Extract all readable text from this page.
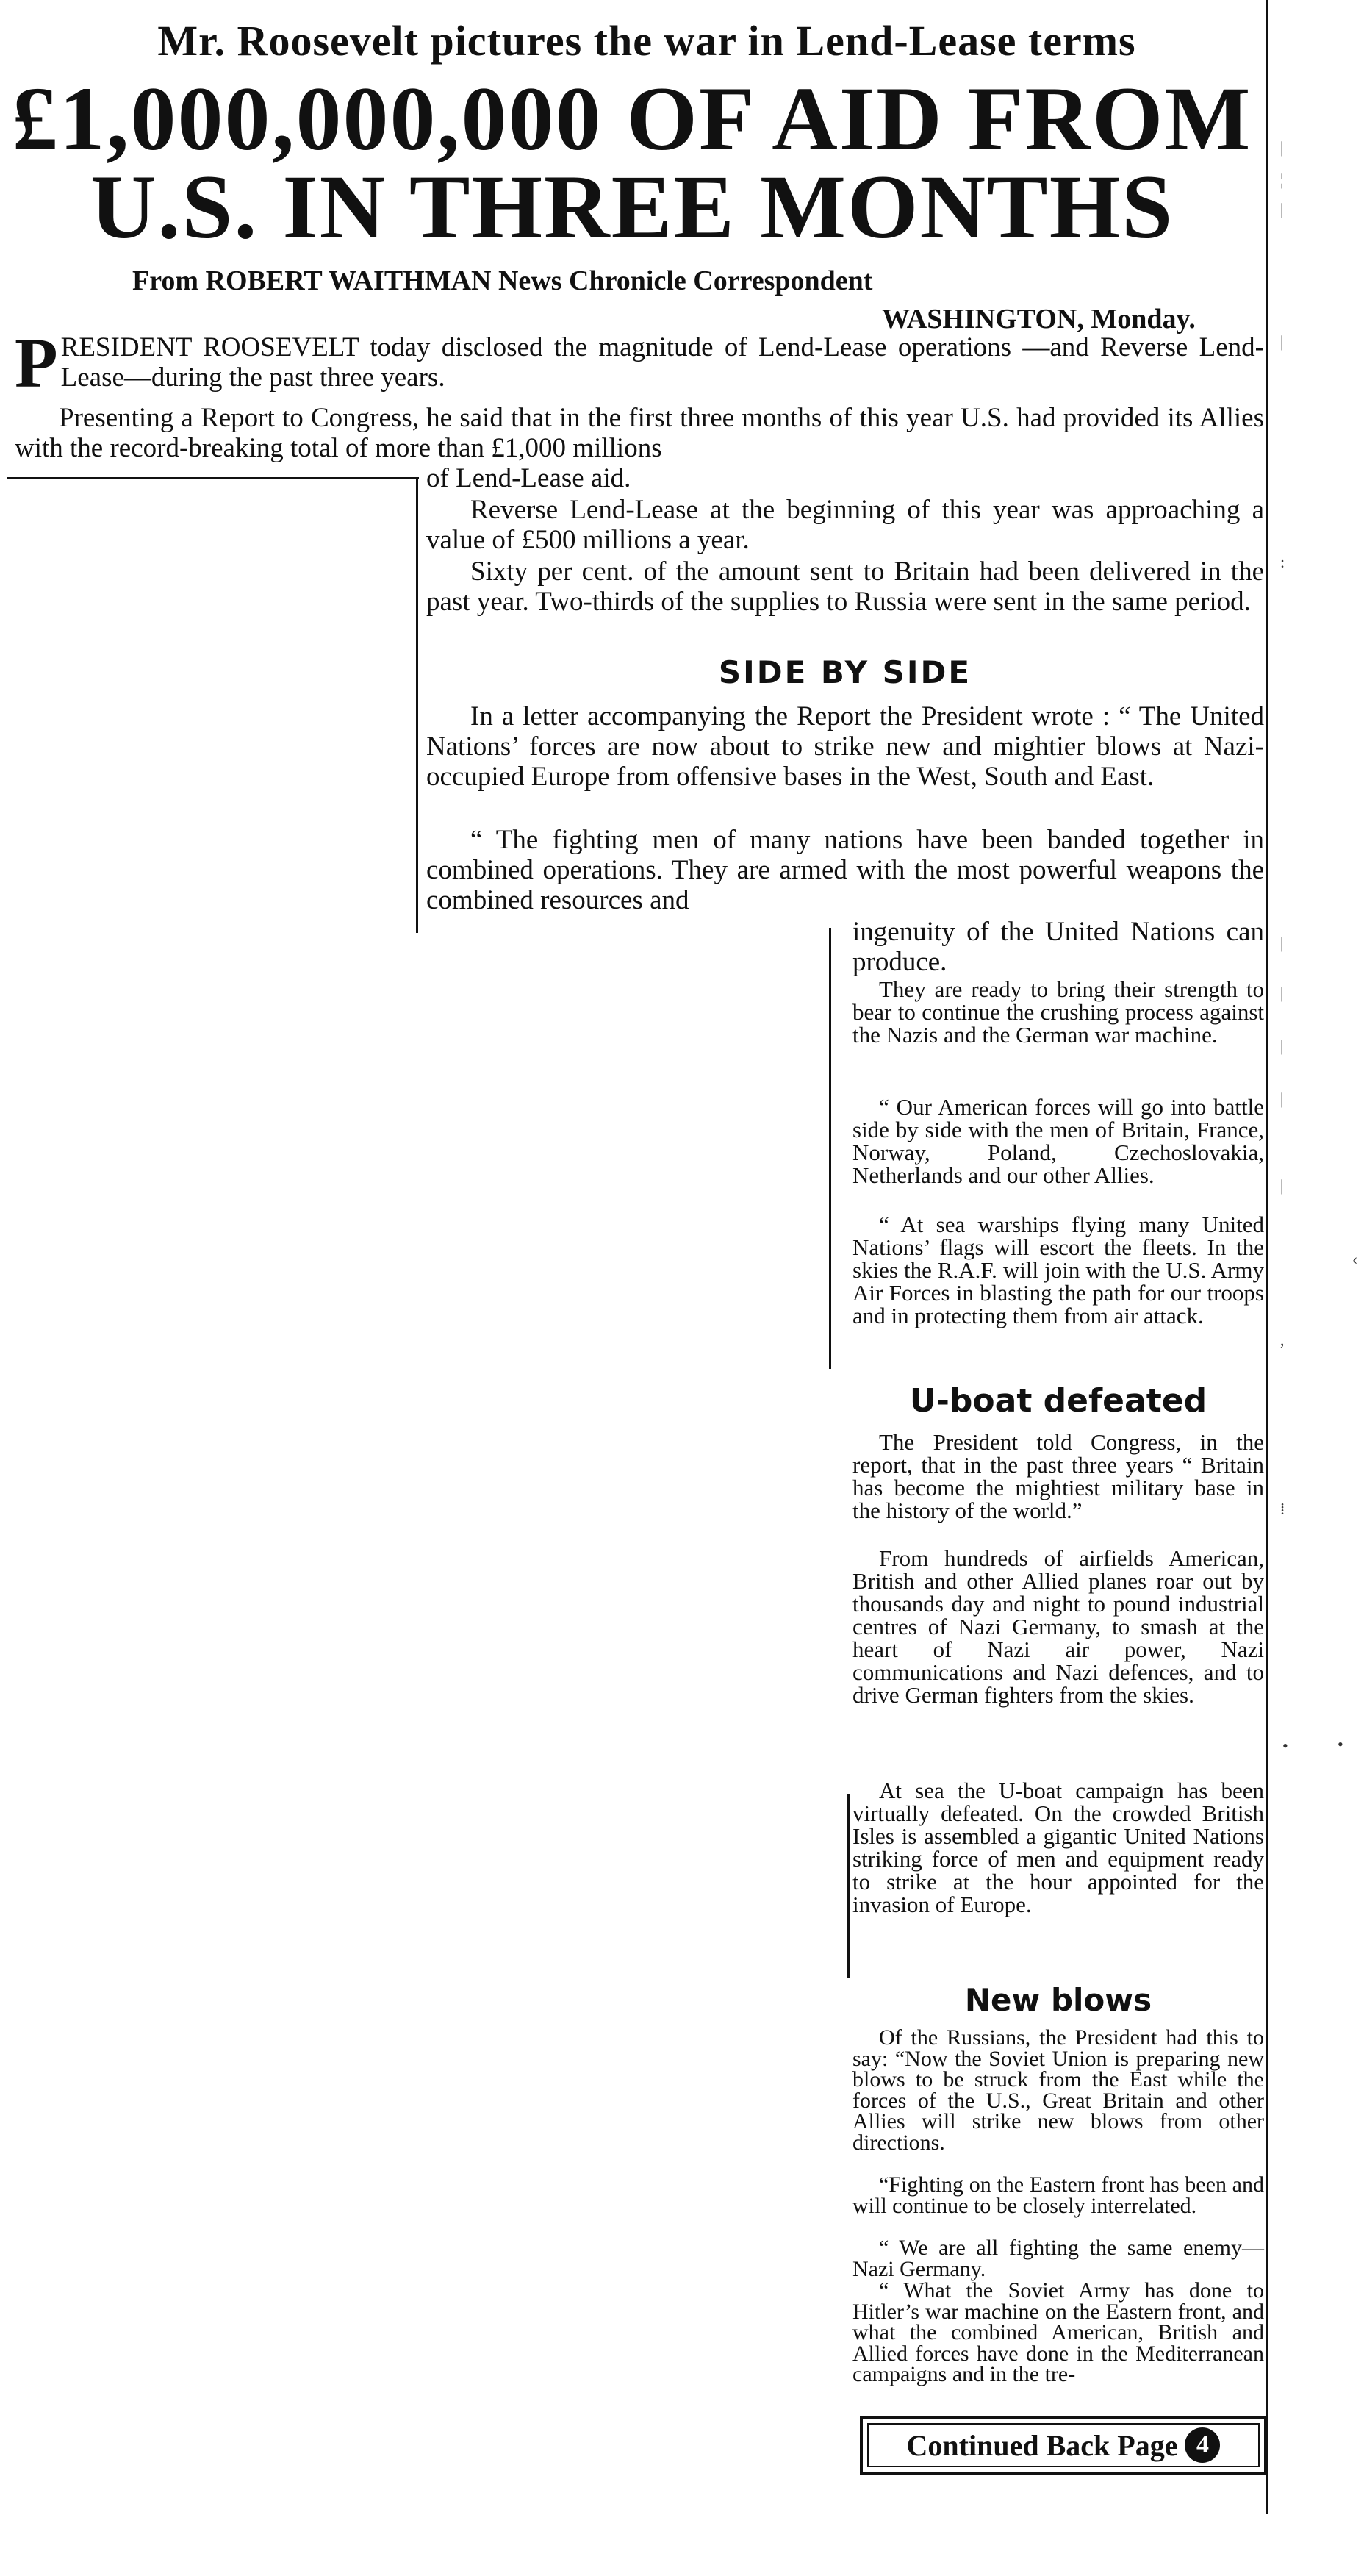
Mr. Roosevelt pictures the war in Lend-Lease terms
£1,000,000,000 OF AID FROM
U.S. IN THREE MONTHS
From ROBERT WAITHMAN News Chronicle Correspondent
WASHINGTON, Monday.
PRESIDENT ROOSEVELT today disclosed the magnitude of Lend-Lease operations —and Reverse Lend-Lease—during the past three years.
Presenting a Report to Congress, he said that in the first three months of this year U.S. had provided its Allies with the record-breaking total of more than £1,000 millions
of Lend-Lease aid.
Reverse Lend-Lease at the beginning of this year was approaching a value of £500 millions a year.
Sixty per cent. of the amount sent to Britain had been delivered in the past year. Two-thirds of the supplies to Russia were sent in the same period.
SIDE BY SIDE
In a letter accompanying the Report the President wrote : “ The United Nations’ forces are now about to strike new and mightier blows at Nazi-occupied Europe from offensive bases in the West, South and East.
“ The fighting men of many nations have been banded together in combined operations. They are armed with the most powerful weapons the combined resources and
ingenuity of the United Nations can produce.
They are ready to bring their strength to bear to continue the crushing process against the Nazis and the German war machine.
“ Our American forces will go into battle side by side with the men of Britain, France, Norway, Poland, Czechoslovakia, Netherlands and our other Allies.
“ At sea warships flying many United Nations’ flags will escort the fleets. In the skies the R.A.F. will join with the U.S. Army Air Forces in blasting the path for our troops and in protecting them from air attack.
U-boat defeated
The President told Congress, in the report, that in the past three years “ Britain has become the mightiest military base in the history of the world.”
From hundreds of airfields American, British and other Allied planes roar out by thousands day and night to pound industrial centres of Nazi Germany, to smash at the heart of Nazi air power, Nazi communications and Nazi defences, and to drive German fighters from the skies.
At sea the U-boat campaign has been virtually defeated. On the crowded British Isles is assembled a gigantic United Nations striking force of men and equipment ready to strike at the hour appointed for the invasion of Europe.
New blows
Of the Russians, the President had this to say: “Now the Soviet Union is preparing new blows to be struck from the East while the forces of the U.S., Great Britain and other Allies will strike new blows from other directions.
“Fighting on the Eastern front has been and will continue to be closely interrelated.
“ We are all fighting the same enemy—Nazi Germany.
“ What the Soviet Army has done to Hitler’s war machine on the Eastern front, and what the combined American, British and Allied forces have done in the Mediterranean campaigns and in the tre-
Continued Back Page 4
|
¦
|
|
:
|
|
|
|
|
‹
,
⁞
•	•
